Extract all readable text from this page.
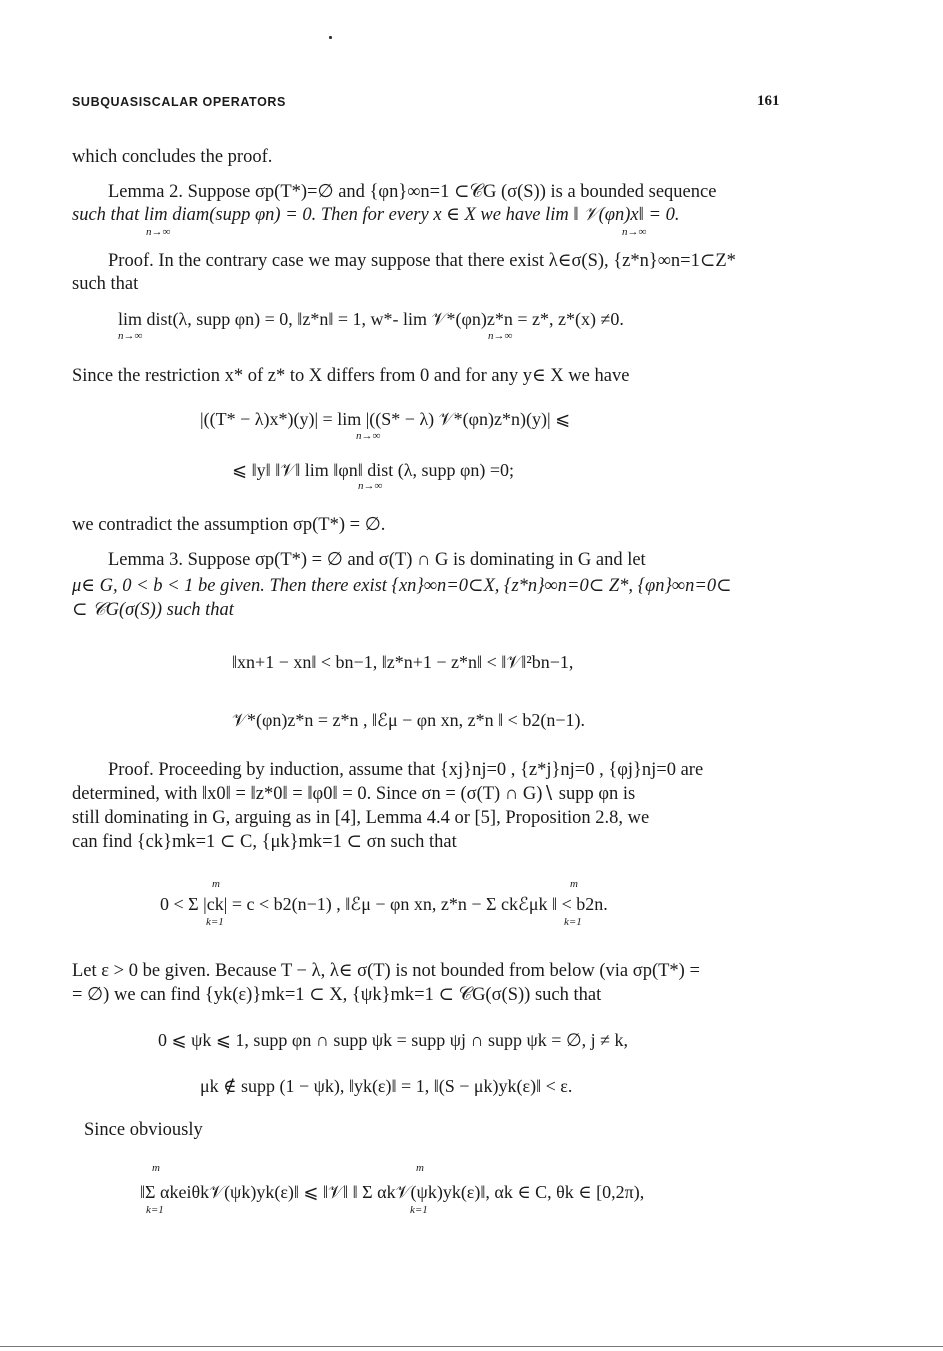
SUBQUASISCALAR OPERATORS	161
which concludes the proof.
Lemma 2. Suppose σp(T*)=∅ and {φn}∞n=1 ⊂𝒞G (σ(S)) is a bounded sequence
such that lim diam(supp φn) = 0. Then for every x ∈ X we have lim ‖ 𝒱(φn)x‖ = 0.
n→∞	n→∞
Proof. In the contrary case we may suppose that there exist λ∈σ(S), {z*n}∞n=1⊂Z*
such that
lim dist(λ, supp φn) = 0, ‖z*n‖ = 1, w*- lim 𝒱*(φn)z*n = z*, z*(x) ≠0.
n→∞	n→∞
Since the restriction x* of z* to X differs from 0 and for any y∈ X we have
|((T* − λ)x*)(y)| = lim |((S* − λ) 𝒱*(φn)z*n)(y)| ⩽
n→∞
⩽ ‖y‖ ‖𝒱‖ lim ‖φn‖ dist (λ, supp φn) =0;
n→∞
we contradict the assumption σp(T*) = ∅.
Lemma 3. Suppose σp(T*) = ∅ and σ(T) ∩ G is dominating in G and let
μ∈ G, 0 < b < 1 be given. Then there exist {xn}∞n=0⊂X, {z*n}∞n=0⊂ Z*, {φn}∞n=0⊂
⊂ 𝒞G(σ(S)) such that
‖xn+1 − xn‖ < bn−1, ‖z*n+1 − z*n‖ < ‖𝒱‖²bn−1,
𝒱*(φn)z*n = z*n , ‖ℰμ − φn xn, z*n ‖ < b2(n−1).
Proof. Proceeding by induction, assume that {xj}nj=0 , {z*j}nj=0 , {φj}nj=0 are
determined, with ‖x0‖ = ‖z*0‖ = ‖φ0‖ = 0. Since σn = (σ(T) ∩ G)∖ supp φn is
still dominating in G, arguing as in [4], Lemma 4.4 or [5], Proposition 2.8, we
can find {ck}mk=1 ⊂ C, {μk}mk=1 ⊂ σn such that
m	m
0 < Σ |ck| = c < b2(n−1) , ‖ℰμ − φn xn, z*n − Σ ckℰμk ‖ < b2n.
k=1	k=1
Let ε > 0 be given. Because T − λ, λ∈ σ(T) is not bounded from below (via σp(T*) =
= ∅) we can find {yk(ε)}mk=1 ⊂ X, {ψk}mk=1 ⊂ 𝒞G(σ(S)) such that
0 ⩽ ψk ⩽ 1, supp φn ∩ supp ψk = supp ψj ∩ supp ψk = ∅, j ≠ k,
μk ∉ supp (1 − ψk), ‖yk(ε)‖ = 1, ‖(S − μk)yk(ε)‖ < ε.
Since obviously
m	m
‖Σ αkeiθk𝒱(ψk)yk(ε)‖ ⩽ ‖𝒱‖ ‖ Σ αk𝒱(ψk)yk(ε)‖, αk ∈ C, θk ∈ [0,2π),
k=1	k=1
